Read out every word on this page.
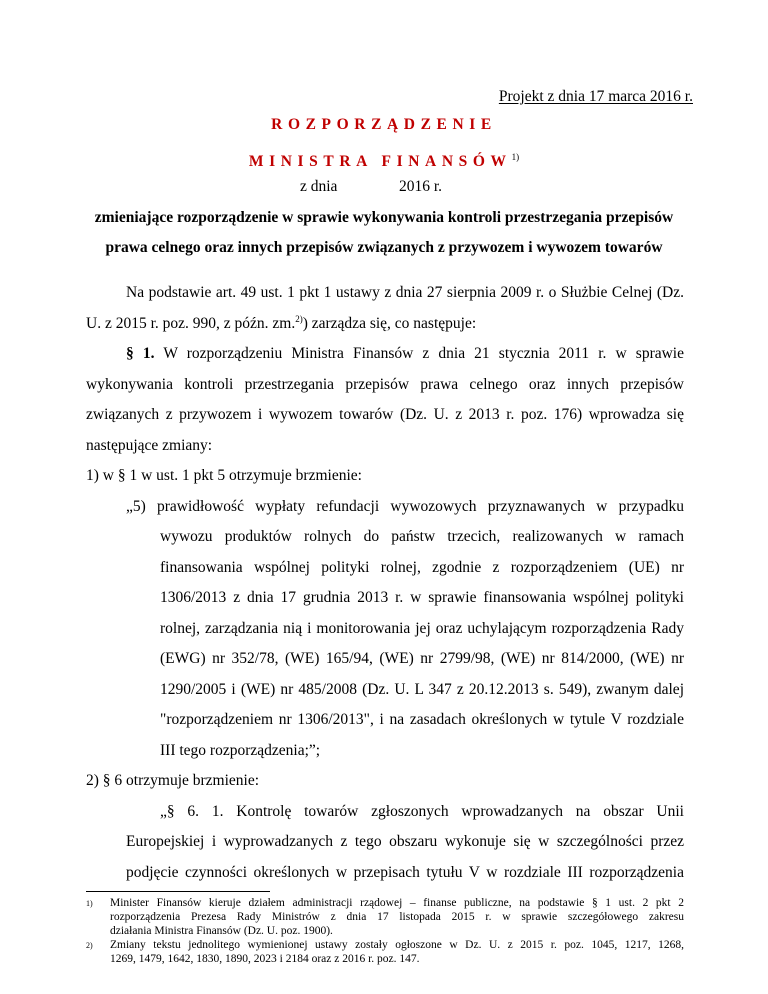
Projekt z dnia 17 marca 2016 r.
ROZPORZĄDZENIE
MINISTRA FINANSÓW$^{1)}$
z dnia	2016 r.
zmieniające rozporządzenie w sprawie wykonywania kontroli przestrzegania przepisów
prawa celnego oraz innych przepisów związanych z przywozem i wywozem towarów
Na podstawie art. 49 ust. 1 pkt 1 ustawy z dnia 27 sierpnia 2009 r. o Służbie Celnej (Dz.
U. z 2015 r. poz. 990, z późn. zm.$^{2)}$) zarządza się, co następuje:
§ 1. W rozporządzeniu Ministra Finansów z dnia 21 stycznia 2011 r. w sprawie
wykonywania kontroli przestrzegania przepisów prawa celnego oraz innych przepisów
związanych z przywozem i wywozem towarów (Dz. U. z 2013 r. poz. 176) wprowadza się
następujące zmiany:
1) w § 1 w ust. 1 pkt 5 otrzymuje brzmienie:
„5) prawidłowość wypłaty refundacji wywozowych przyznawanych w przypadku
wywozu produktów rolnych do państw trzecich, realizowanych w ramach
finansowania wspólnej polityki rolnej, zgodnie z rozporządzeniem (UE) nr
1306/2013 z dnia 17 grudnia 2013 r. w sprawie finansowania wspólnej polityki
rolnej, zarządzania nią i monitorowania jej oraz uchylającym rozporządzenia Rady
(EWG) nr 352/78, (WE) 165/94, (WE) nr 2799/98, (WE) nr 814/2000, (WE) nr
1290/2005 i (WE) nr 485/2008 (Dz. U. L 347 z 20.12.2013 s. 549), zwanym dalej
"rozporządzeniem nr 1306/2013", i na zasadach określonych w tytule V rozdziale
III tego rozporządzenia;”;
2) § 6 otrzymuje brzmienie:
„§ 6. 1. Kontrolę towarów zgłoszonych wprowadzanych na obszar Unii
Europejskiej i wyprowadzanych z tego obszaru wykonuje się w szczególności przez
podjęcie czynności określonych w przepisach tytułu V w rozdziale III rozporządzenia
1) Minister Finansów kieruje działem administracji rządowej – finanse publiczne, na podstawie § 1 ust. 2 pkt 2
rozporządzenia Prezesa Rady Ministrów z dnia 17 listopada 2015 r. w sprawie szczegółowego zakresu
działania Ministra Finansów (Dz. U. poz. 1900).
2) Zmiany tekstu jednolitego wymienionej ustawy zostały ogłoszone w Dz. U. z 2015 r. poz. 1045, 1217, 1268,
1269, 1479, 1642, 1830, 1890, 2023 i 2184 oraz z 2016 r. poz. 147.
